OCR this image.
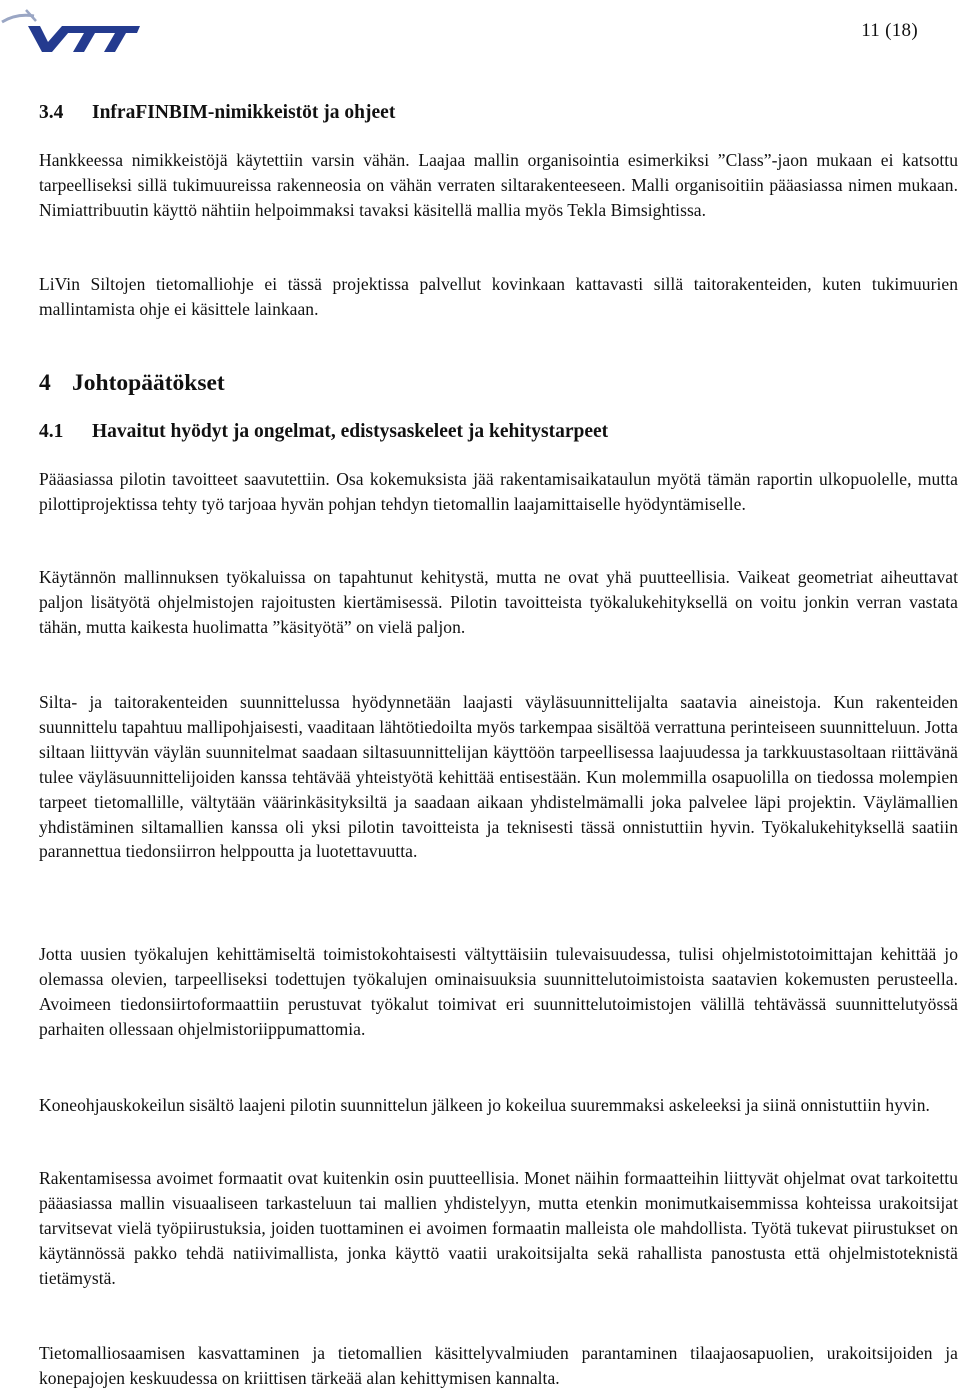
11 (18)
3.4 InfraFINBIM-nimikkeistöt ja ohjeet

Hankkeessa nimikkeistöjä käytettiin varsin vähän. Laajaa mallin organisointia esimerkiksi ”Class”-jaon mukaan ei katsottu tarpeelliseksi sillä tukimuureissa rakenneosia on vähän verraten siltarakenteeseen. Malli organisoitiin pääasiassa nimen mukaan. Nimiattribuutin käyttö nähtiin helpoimmaksi tavaksi käsitellä mallia myös Tekla Bimsightissa.

LiVin Siltojen tietomalliohje ei tässä projektissa palvellut kovinkaan kattavasti sillä taitorakenteiden, kuten tukimuurien mallintamista ohje ei käsittele lainkaan.

4 Johtopäätökset
4.1 Havaitut hyödyt ja ongelmat, edistysaskeleet ja kehitystarpeet

Pääasiassa pilotin tavoitteet saavutettiin. Osa kokemuksista jää rakentamisaikataulun myötä tämän raportin ulkopuolelle, mutta pilottiprojektissa tehty työ tarjoaa hyvän pohjan tehdyn tietomallin laajamittaiselle hyödyntämiselle.

Käytännön mallinnuksen työkaluissa on tapahtunut kehitystä, mutta ne ovat yhä puutteellisia. Vaikeat geometriat aiheuttavat paljon lisätyötä ohjelmistojen rajoitusten kiertämisessä. Pilotin tavoitteista työkalukehityksellä on voitu jonkin verran vastata tähän, mutta kaikesta huolimatta ”käsityötä” on vielä paljon.

Silta- ja taitorakenteiden suunnittelussa hyödynnetään laajasti väyläsuunnittelijalta saatavia aineistoja. Kun rakenteiden suunnittelu tapahtuu mallipohjaisesti, vaaditaan lähtötiedoilta myös tarkempaa sisältöä verrattuna perinteiseen suunnitteluun. Jotta siltaan liittyvän väylän suunnitelmat saadaan siltasuunnittelijan käyttöön tarpeellisessa laajuudessa ja tarkkuustasoltaan riittävänä tulee väyläsuunnittelijoiden kanssa tehtävää yhteistyötä kehittää entisestään. Kun molemmilla osapuolilla on tiedossa molempien tarpeet tietomallille, vältytään väärinkäsityksiltä ja saadaan aikaan yhdistelmämalli joka palvelee läpi projektin. Väylämallien yhdistäminen siltamallien kanssa oli yksi pilotin tavoitteista ja teknisesti tässä onnistuttiin hyvin. Työkalukehityksellä saatiin parannettua tiedonsiirron helppoutta ja luotettavuutta.

Jotta uusien työkalujen kehittämiseltä toimistokohtaisesti vältyttäisiin tulevaisuudessa, tulisi ohjelmistotoimittajan kehittää jo olemassa olevien, tarpeelliseksi todettujen työkalujen ominaisuuksia suunnittelutoimistoista saatavien kokemusten perusteella. Avoimeen tiedonsiirtoformaattiin perustuvat työkalut toimivat eri suunnittelutoimistojen välillä tehtävässä suunnittelutyössä parhaiten ollessaan ohjelmistoriippumattomia.

Koneohjauskokeilun sisältö laajeni pilotin suunnittelun jälkeen jo kokeilua suuremmaksi askeleeksi ja siinä onnistuttiin hyvin.

Rakentamisessa avoimet formaatit ovat kuitenkin osin puutteellisia. Monet näihin formaatteihin liittyvät ohjelmat ovat tarkoitettu pääasiassa mallin visuaaliseen tarkasteluun tai mallien yhdistelyyn, mutta etenkin monimutkaisemmissa kohteissa urakoitsijat tarvitsevat vielä työpiirustuksia, joiden tuottaminen ei avoimen formaatin malleista ole mahdollista. Työtä tukevat piirustukset on käytännössä pakko tehdä natiivimallista, jonka käyttö vaatii urakoitsijalta sekä rahallista panostusta että ohjelmistoteknistä tietämystä.

Tietomalliosaamisen kasvattaminen ja tietomallien käsittelyvalmiuden parantaminen tilaajaosapuolien, urakoitsijoiden ja konepajojen keskuudessa on kriittisen tärkeää alan kehittymisen kannalta.
